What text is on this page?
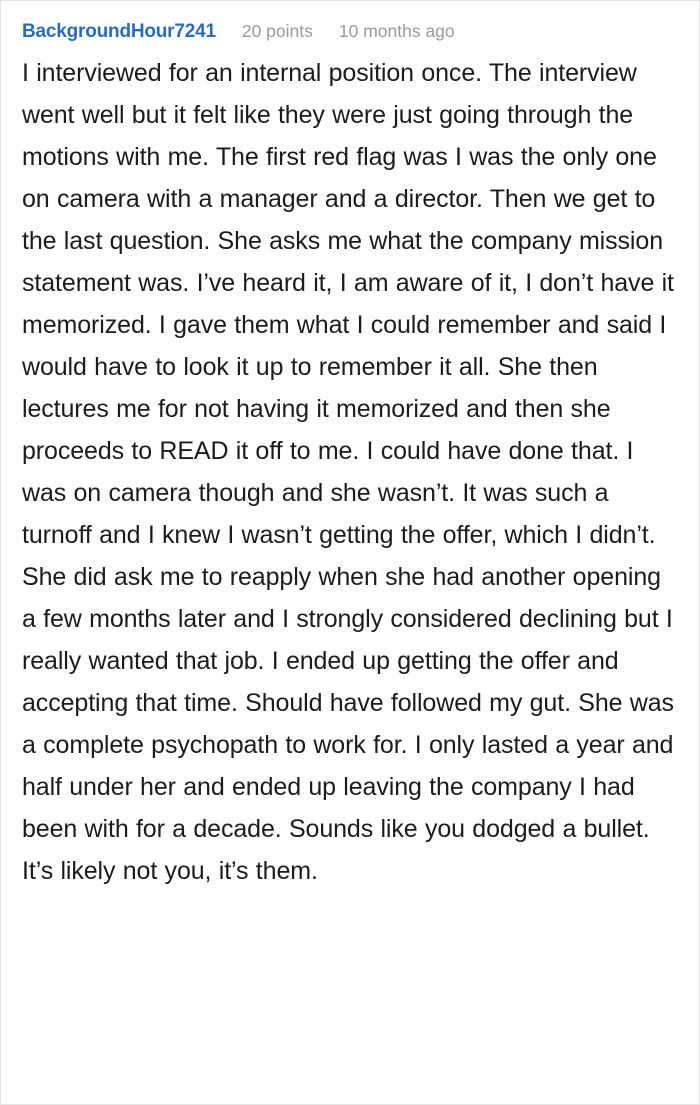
BackgroundHour7241 20 points 10 months ago

I interviewed for an internal position once. The interview went well but it felt like they were just going through the motions with me. The first red flag was I was the only one on camera with a manager and a director. Then we get to the last question. She asks me what the company mission statement was. I’ve heard it, I am aware of it, I don’t have it memorized. I gave them what I could remember and said I would have to look it up to remember it all. She then lectures me for not having it memorized and then she proceeds to READ it off to me. I could have done that. I was on camera though and she wasn’t. It was such a turnoff and I knew I wasn’t getting the offer, which I didn’t. She did ask me to reapply when she had another opening a few months later and I strongly considered declining but I really wanted that job. I ended up getting the offer and accepting that time. Should have followed my gut. She was a complete psychopath to work for. I only lasted a year and half under her and ended up leaving the company I had been with for a decade. Sounds like you dodged a bullet. It’s likely not you, it’s them.
